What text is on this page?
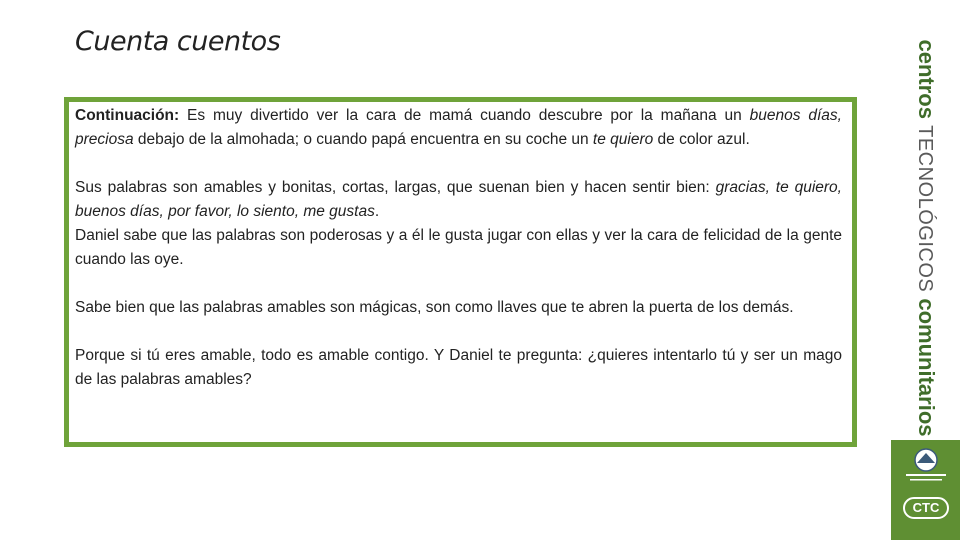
Cuenta cuentos

Continuación: Es muy divertido ver la cara de mamá cuando descubre por la mañana un buenos días, preciosa debajo de la almohada; o cuando papá encuentra en su coche un te quiero de color azul.

Sus palabras son amables y bonitas, cortas, largas, que suenan bien y hacen sentir bien: gracias, te quiero, buenos días, por favor, lo siento, me gustas.
Daniel sabe que las palabras son poderosas y a él le gusta jugar con ellas y ver la cara de felicidad de la gente cuando las oye.

Sabe bien que las palabras amables son mágicas, son como llaves que te abren la puerta de los demás.

Porque si tú eres amable, todo es amable contigo. Y Daniel te pregunta: ¿quieres intentarlo tú y ser un mago de las palabras amables?

centros TECNOLÓGICOS comunitarios
CTC
